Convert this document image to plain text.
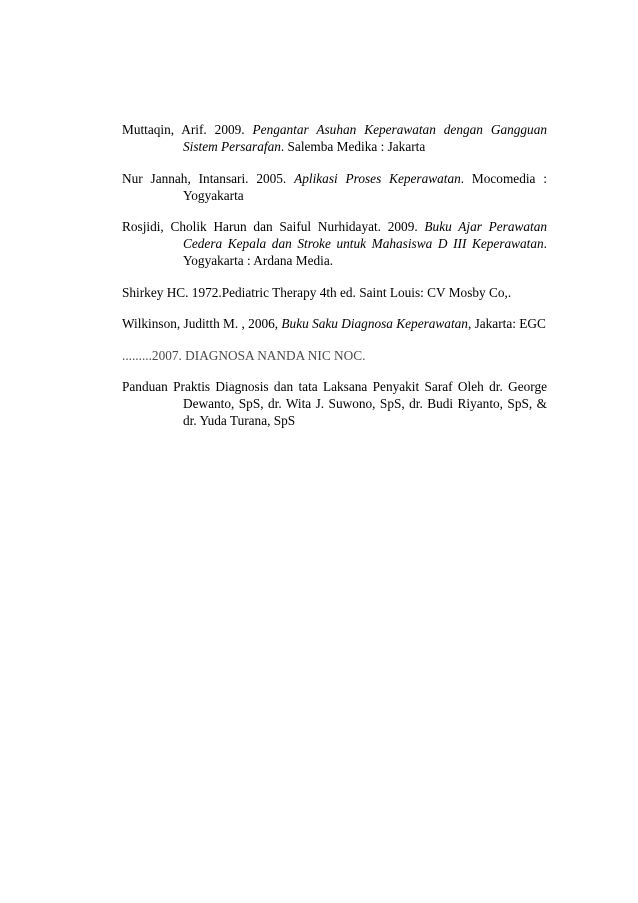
Muttaqin, Arif. 2009. Pengantar Asuhan Keperawatan dengan Gangguan Sistem Persarafan. Salemba Medika : Jakarta

Nur Jannah, Intansari. 2005. Aplikasi Proses Keperawatan. Mocomedia : Yogyakarta

Rosjidi, Cholik Harun dan Saiful Nurhidayat. 2009. Buku Ajar Perawatan Cedera Kepala dan Stroke untuk Mahasiswa D III Keperawatan. Yogyakarta : Ardana Media.

Shirkey HC. 1972.Pediatric Therapy 4th ed. Saint Louis: CV Mosby Co,.

Wilkinson, Juditth M. , 2006, Buku Saku Diagnosa Keperawatan, Jakarta: EGC

.........2007. DIAGNOSA NANDA NIC NOC.

Panduan Praktis Diagnosis dan tata Laksana Penyakit Saraf Oleh dr. George Dewanto, SpS, dr. Wita J. Suwono, SpS, dr. Budi Riyanto, SpS, & dr. Yuda Turana, SpS
